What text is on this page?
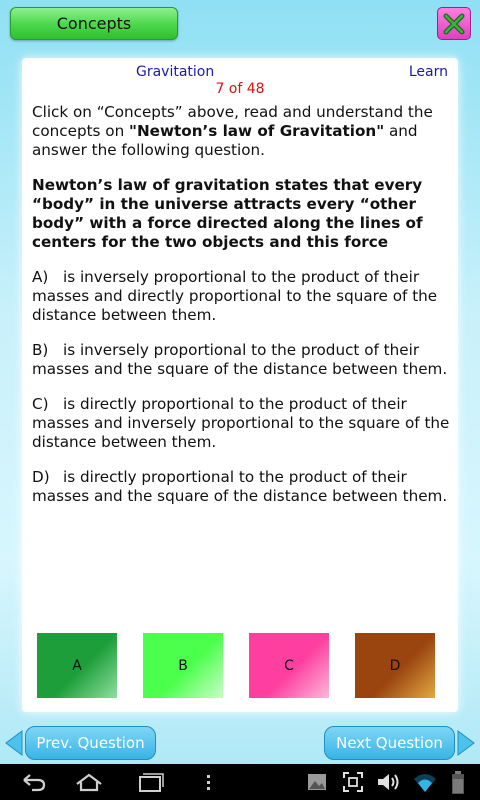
Concepts
Gravitation	Learn
7 of 48

Click on “Concepts” above, read and understand the concepts on "Newton’s law of Gravitation" and answer the following question.

Newton’s law of gravitation states that every “body” in the universe attracts every “other body” with a force directed along the lines of centers for the two objects and this force

A) is inversely proportional to the product of their masses and directly proportional to the square of the distance between them.

B) is inversely proportional to the product of their masses and the square of the distance between them.

C) is directly proportional to the product of their masses and inversely proportional to the square of the distance between them.

D) is directly proportional to the product of their masses and the square of the distance between them.

A	B	C	D
Prev. Question	Next Question
